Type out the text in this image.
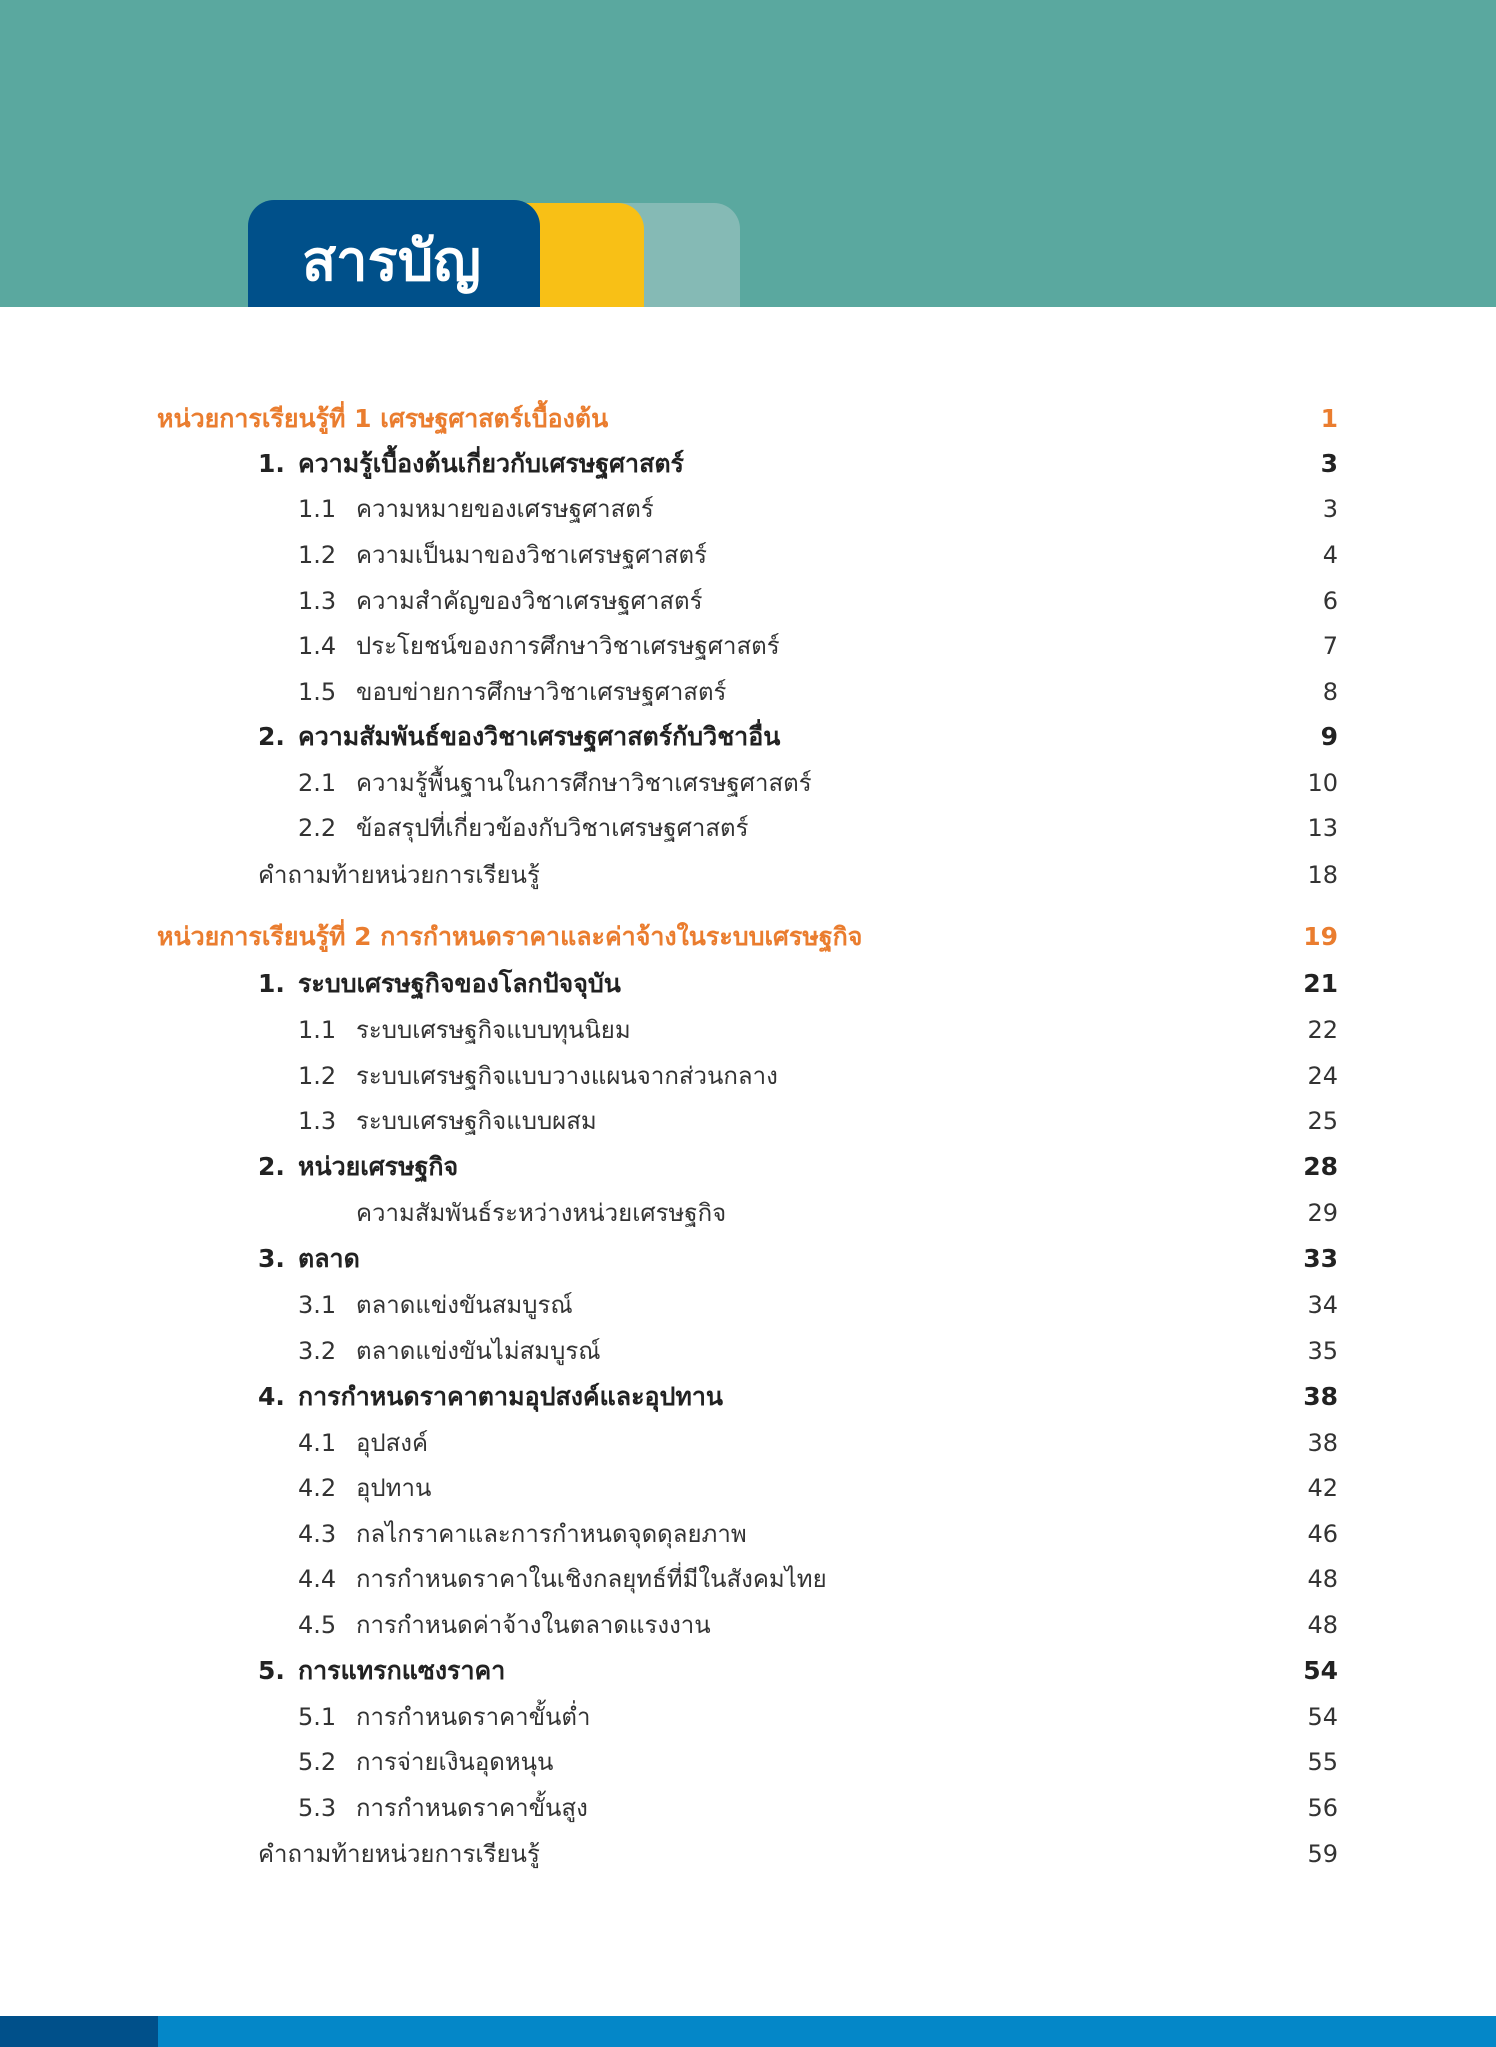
สารบัญ
หน่วยการเรียนรู้ที่ 1 เศรษฐศาสตร์เบื้องต้น	1
1. ความรู้เบื้องต้นเกี่ยวกับเศรษฐศาสตร์	3
1.1 ความหมายของเศรษฐศาสตร์	3
1.2 ความเป็นมาของวิชาเศรษฐศาสตร์	4
1.3 ความสำคัญของวิชาเศรษฐศาสตร์	6
1.4 ประโยชน์ของการศึกษาวิชาเศรษฐศาสตร์	7
1.5 ขอบข่ายการศึกษาวิชาเศรษฐศาสตร์	8
2. ความสัมพันธ์ของวิชาเศรษฐศาสตร์กับวิชาอื่น	9
2.1 ความรู้พื้นฐานในการศึกษาวิชาเศรษฐศาสตร์	10
2.2 ข้อสรุปที่เกี่ยวข้องกับวิชาเศรษฐศาสตร์	13
คำถามท้ายหน่วยการเรียนรู้	18
หน่วยการเรียนรู้ที่ 2 การกำหนดราคาและค่าจ้างในระบบเศรษฐกิจ	19
1. ระบบเศรษฐกิจของโลกปัจจุบัน	21
1.1 ระบบเศรษฐกิจแบบทุนนิยม	22
1.2 ระบบเศรษฐกิจแบบวางแผนจากส่วนกลาง	24
1.3 ระบบเศรษฐกิจแบบผสม	25
2. หน่วยเศรษฐกิจ	28
ความสัมพันธ์ระหว่างหน่วยเศรษฐกิจ	29
3. ตลาด	33
3.1 ตลาดแข่งขันสมบูรณ์	34
3.2 ตลาดแข่งขันไม่สมบูรณ์	35
4. การกำหนดราคาตามอุปสงค์และอุปทาน	38
4.1 อุปสงค์	38
4.2 อุปทาน	42
4.3 กลไกราคาและการกำหนดจุดดุลยภาพ	46
4.4 การกำหนดราคาในเชิงกลยุทธ์ที่มีในสังคมไทย	48
4.5 การกำหนดค่าจ้างในตลาดแรงงาน	48
5. การแทรกแซงราคา	54
5.1 การกำหนดราคาขั้นต่ำ	54
5.2 การจ่ายเงินอุดหนุน	55
5.3 การกำหนดราคาขั้นสูง	56
คำถามท้ายหน่วยการเรียนรู้	59
